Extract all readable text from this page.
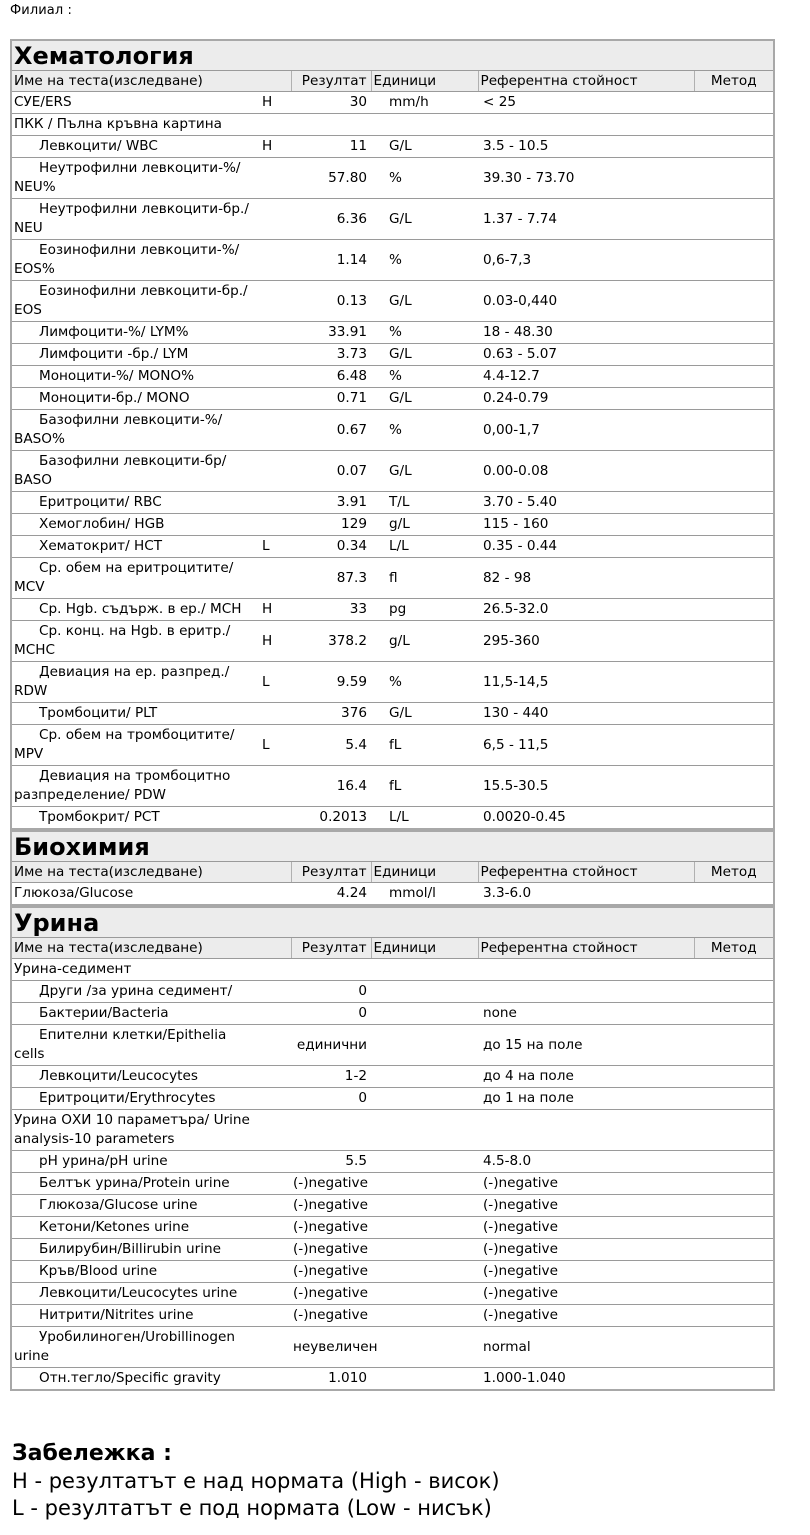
Филиал :
Хематология					
Име на теста(изследване)		Резултат	Единици	Референтна стойност	Метод
СУЕ/ERS	H	30	mm/h	< 25	
ПКК / Пълна кръвна картина					
Левкоцити/ WBC	H	11	G/L	3.5 - 10.5	
Неутрофилни левкоцити-%/ NEU%		57.80	%	39.30 - 73.70	
Неутрофилни левкоцити-бр./ NEU		6.36	G/L	1.37 - 7.74	
Еозинофилни левкоцити-%/ EOS%		1.14	%	0,6-7,3	
Еозинофилни левкоцити-бр./ EOS		0.13	G/L	0.03-0,440	
Лимфоцити-%/ LYM%		33.91	%	18 - 48.30	
Лимфоцити -бр./ LYM		3.73	G/L	0.63 - 5.07	
Моноцити-%/ MONO%		6.48	%	4.4-12.7	
Моноцити-бр./ MONO		0.71	G/L	0.24-0.79	
Базофилни левкоцити-%/ BASO%		0.67	%	0,00-1,7	
Базофилни левкоцити-бр/ BASO		0.07	G/L	0.00-0.08	
Еритроцити/ RBC		3.91	T/L	3.70 - 5.40	
Хемоглобин/ HGB		129	g/L	115 - 160	
Хематокрит/ HCT	L	0.34	L/L	0.35 - 0.44	
Ср. обем на еритроцитите/ MCV		87.3	fl	82 - 98	
Ср. Hgb. съдърж. в ер./ MCH	H	33	pg	26.5-32.0	
Ср. конц. на Hgb. в еритр./ MCHC	H	378.2	g/L	295-360	
Девиация на ер. разпред./ RDW	L	9.59	%	11,5-14,5	
Тромбоцити/ PLT		376	G/L	130 - 440	
Ср. обем на тромбоцитите/ MPV	L	5.4	fL	6,5 - 11,5	
Девиация на тромбоцитно разпределение/ PDW		16.4	fL	15.5-30.5	
Тромбокрит/ PCT		0.2013	L/L	0.0020-0.45	
Биохимия					
Име на теста(изследване)		Резултат	Единици	Референтна стойност	Метод
Глюкоза/Glucose		4.24	mmol/l	3.3-6.0	
Урина					
Име на теста(изследване)		Резултат	Единици	Референтна стойност	Метод
Урина-седимент					
Други /за урина седимент/		0			
Бактерии/Bacteria		0		none	
Епителни клетки/Epithelia cells		единични		до 15 на поле	
Левкоцити/Leucocytes		1-2		до 4 на поле	
Еритроцити/Erythrocytes		0		до 1 на поле	
Урина ОХИ 10 параметъра/ Urine analysis-10 parameters					
pH урина/pH urine		5.5		4.5-8.0	
Белтък урина/Protein urine		(-)negative		(-)negative	
Глюкоза/Glucose urine		(-)negative		(-)negative	
Кетони/Ketones urine		(-)negative		(-)negative	
Билирубин/Billirubin urine		(-)negative		(-)negative	
Кръв/Blood urine		(-)negative		(-)negative	
Левкоцити/Leucocytes urine		(-)negative		(-)negative	
Нитрити/Nitrites urine		(-)negative		(-)negative	
Уробилиноген/Urobillinogen urine		неувеличен		normal	
Отн.тегло/Specific gravity		1.010		1.000-1.040	
Забележка :
H - резултатът е над нормата (High - висок)
L - резултатът е под нормата (Low - нисък)
